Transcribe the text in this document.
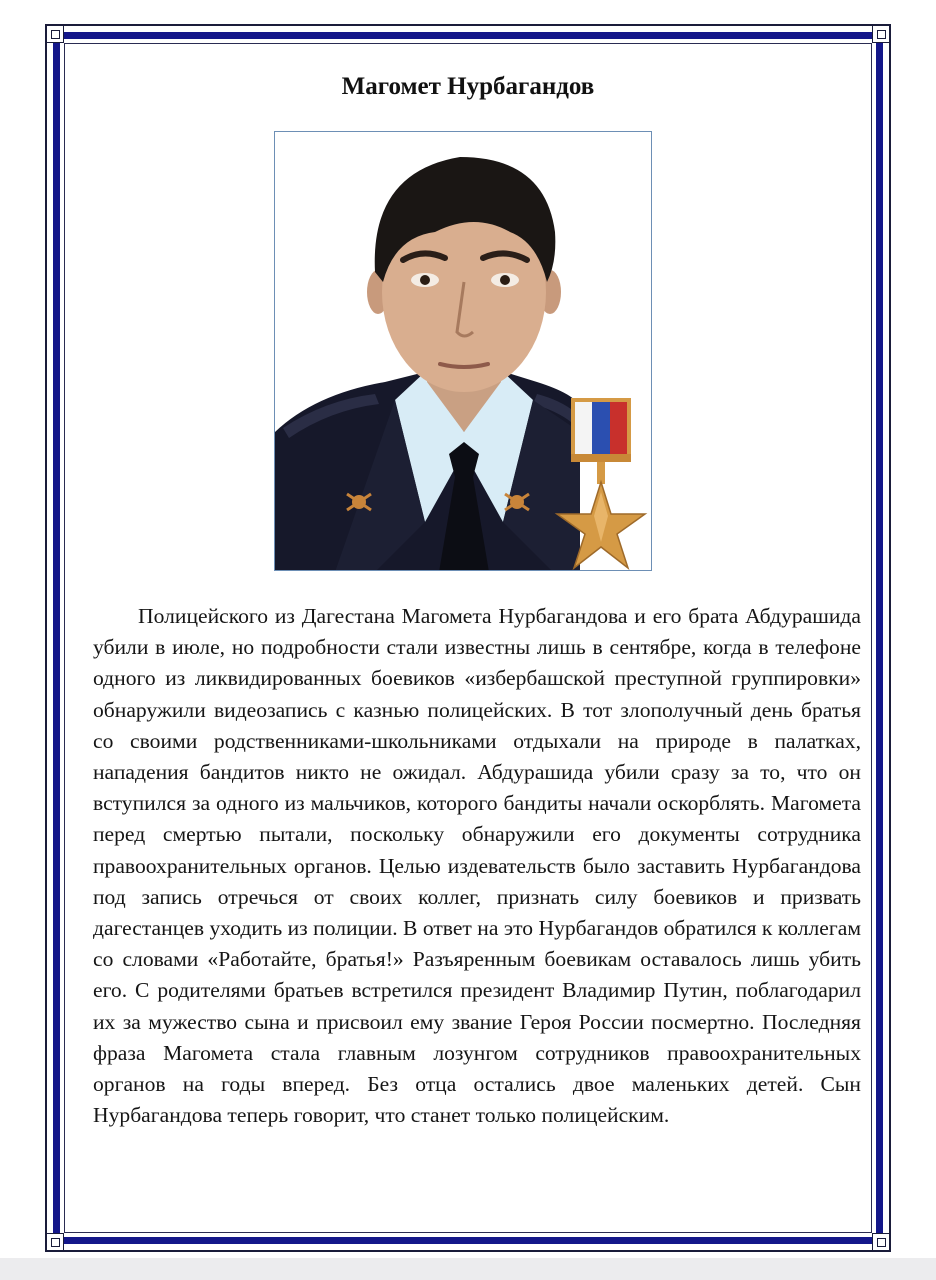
Магомет Нурбагандов

Полицейского из Дагестана Магомета Нурбагандова и его брата Абдурашида убили в июле, но подробности стали известны лишь в сентябре, когда в телефоне одного из ликвидированных боевиков «избербашской преступной группировки» обнаружили видеозапись с казнью полицейских. В тот злополучный день братья со своими родственниками-школьниками отдыхали на природе в палатках, нападения бандитов никто не ожидал. Абдурашида убили сразу за то, что он вступился за одного из мальчиков, которого бандиты начали оскорблять. Магомета перед смертью пытали, поскольку обнаружили его документы сотрудника правоохранительных органов. Целью издевательств было заставить Нурбагандова под запись отречься от своих коллег, признать силу боевиков и призвать дагестанцев уходить из полиции. В ответ на это Нурбагандов обратился к коллегам со словами «Работайте, братья!» Разъяренным боевикам оставалось лишь убить его. С родителями братьев встретился президент Владимир Путин, поблагодарил их за мужество сына и присвоил ему звание Героя России посмертно. Последняя фраза Магомета стала главным лозунгом сотрудников правоохранительных органов на годы вперед. Без отца остались двое маленьких детей. Сын Нурбагандова теперь говорит, что станет только полицейским.
